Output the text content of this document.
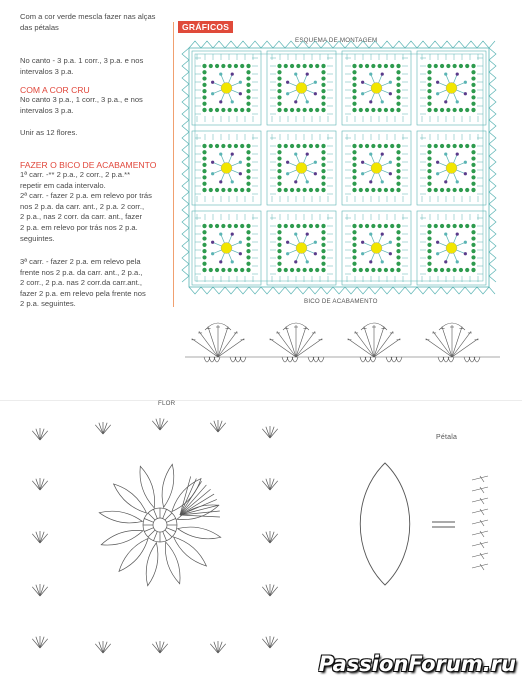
Com a cor verde mescla fazer nas alças
das pétalas
No canto - 3 p.a. 1 corr., 3 p.a. e nos
intervalos 3 p.a.
COM A COR CRU
No canto 3 p.a., 1 corr., 3 p.a., e nos
intervalos 3 p.a.
Unir as 12 flores.
FAZER O BICO DE ACABAMENTO
1ª carr. -** 2 p.a., 2 corr., 2 p.a.**
repetir em cada intervalo.
2ª carr. - fazer 2 p.a. em relevo por trás
nos 2 p.a. da carr. ant., 2 p.a. 2 corr.,
2 p.a., nas 2 corr. da carr. ant., fazer
2 p.a. em relevo por trás nos 2 p.a.
seguintes.
3ª carr. - fazer 2 p.a. em relevo pela
frente nos 2 p.a. da carr. ant., 2 p.a.,
2 corr., 2 p.a. nas 2 corr.da carr.ant.,
fazer 2 p.a. em relevo pela frente nos
2 p.a. seguintes.
GRÁFICOS
ESQUEMA DE MONTAGEM
BICO DE ACABAMENTO
FLOR
Pétala
PassionForum.ru
